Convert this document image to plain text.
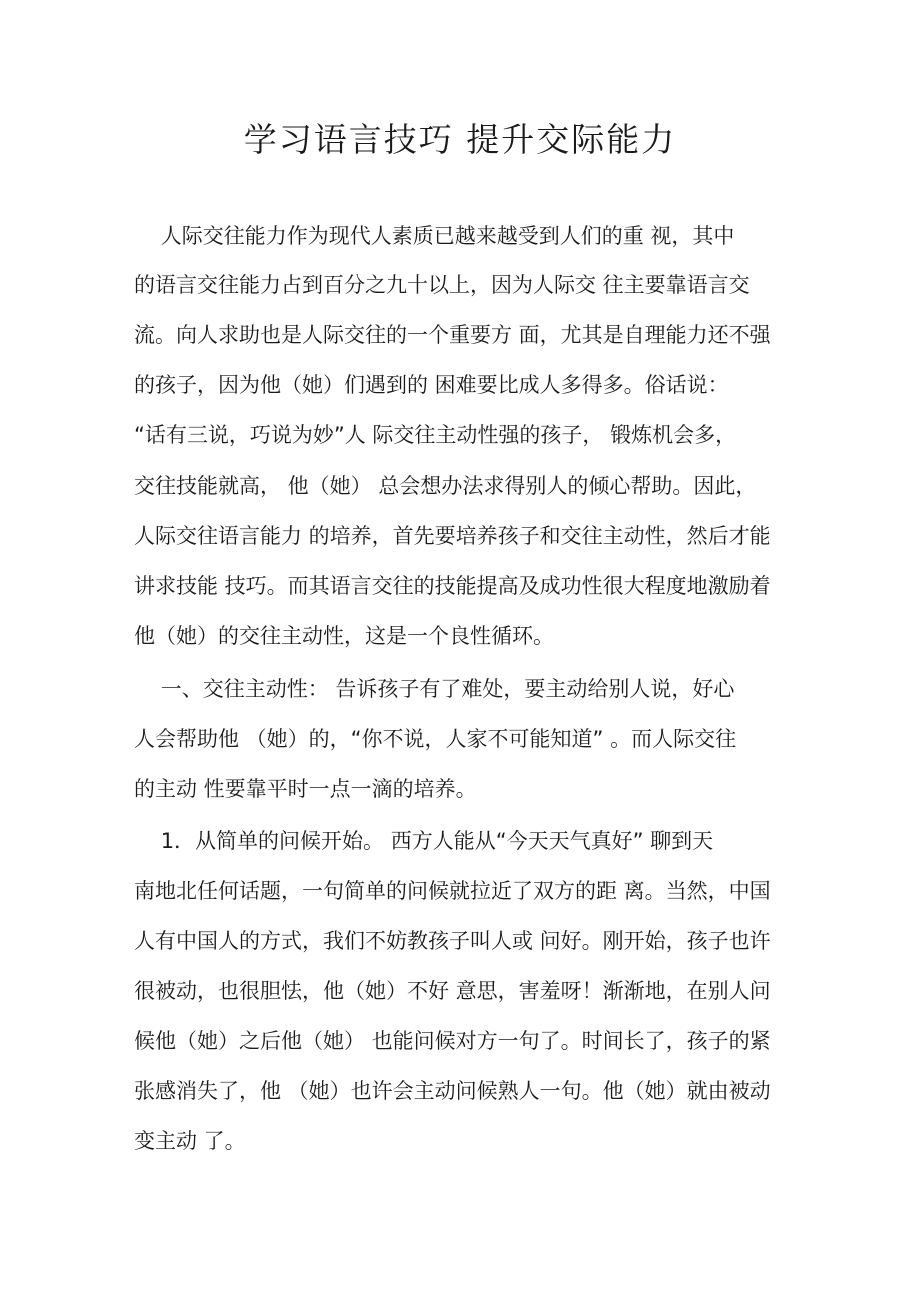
学习语言技巧 提升交际能力

人际交往能力作为现代人素质已越来越受到人们的重 视，其中

的语言交往能力占到百分之九十以上，因为人际交 往主要靠语言交

流。向人求助也是人际交往的一个重要方 面，尤其是自理能力还不强

的孩子，因为他（她）们遇到的 困难要比成人多得多。俗话说：

“话有三说，巧说为妙”人 际交往主动性强的孩子， 锻炼机会多，

交往技能就高， 他（她） 总会想办法求得别人的倾心帮助。因此，

人际交往语言能力 的培养，首先要培养孩子和交往主动性，然后才能

讲求技能 技巧。而其语言交往的技能提高及成功性很大程度地激励着

他（她）的交往主动性，这是一个良性循环。

一、交往主动性： 告诉孩子有了难处，要主动给别人说，好心

人会帮助他 （她）的，“你不说，人家不可能知道” 。而人际交往

的主动 性要靠平时一点一滴的培养。

1．从简单的问候开始。 西方人能从“今天天气真好” 聊到天

南地北任何话题，一句简单的问候就拉近了双方的距 离。当然，中国

人有中国人的方式，我们不妨教孩子叫人或 问好。刚开始，孩子也许

很被动，也很胆怯，他（她）不好 意思，害羞呀！渐渐地，在别人问

候他（她）之后他（她） 也能问候对方一句了。时间长了，孩子的紧

张感消失了，他 （她）也许会主动问候熟人一句。他（她）就由被动

变主动 了。
